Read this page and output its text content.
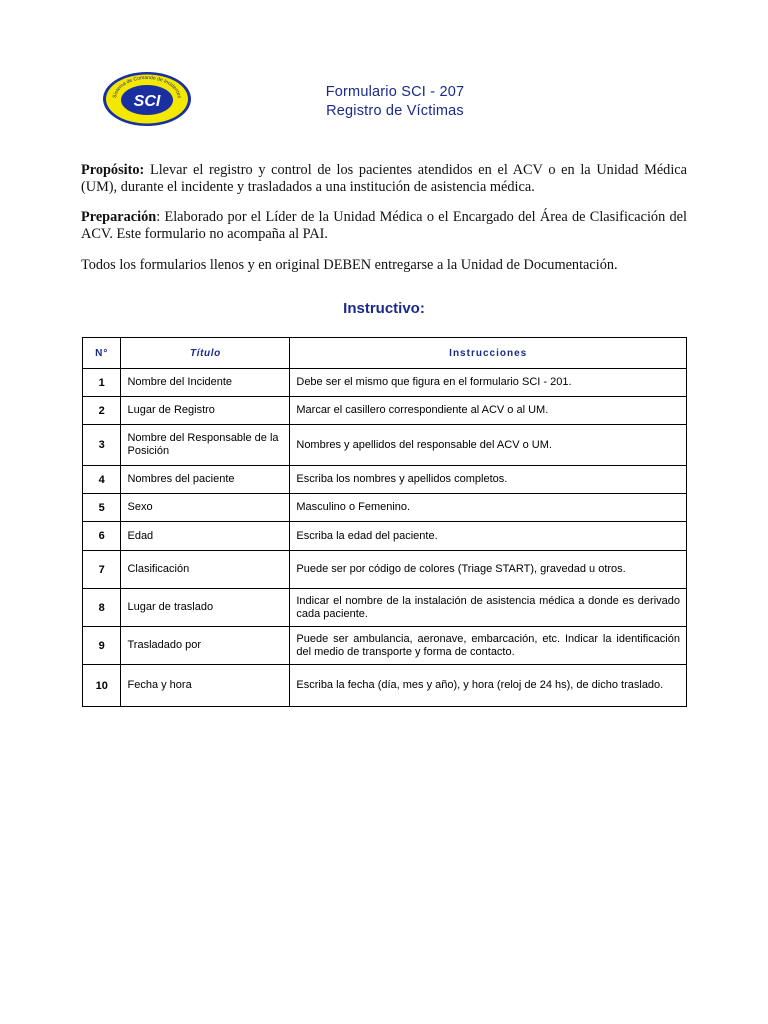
Sistema de Comando de Incidentes
SCI
Formulario SCI - 207
Registro de Víctimas
Propósito: Llevar el registro y control de los pacientes atendidos en el ACV o en la Unidad Médica (UM), durante el incidente y trasladados a una institución de asistencia médica.
Preparación: Elaborado por el Líder de la Unidad Médica o el Encargado del Área de Clasificación del ACV. Este formulario no acompaña al PAI.
Todos los formularios llenos y en original DEBEN entregarse a la Unidad de Documentación.
Instructivo:
N°	Título	Instrucciones
1	Nombre del Incidente	Debe ser el mismo que figura en el formulario SCI - 201.
2	Lugar de Registro	Marcar el casillero correspondiente al ACV o al UM.
3	Nombre del Responsable de la Posición	Nombres y apellidos del responsable del ACV o UM.
4	Nombres del paciente	Escriba los nombres y apellidos completos.
5	Sexo	Masculino o Femenino.
6	Edad	Escriba la edad del paciente.
7	Clasificación	Puede ser por código de colores (Triage START), gravedad u otros.
8	Lugar de traslado	Indicar el nombre de la instalación de asistencia médica a donde es derivado cada paciente.
9	Trasladado por	Puede ser ambulancia, aeronave, embarcación, etc. Indicar la identificación del medio de transporte y forma de contacto.
10	Fecha y hora	Escriba la fecha (día, mes y año), y hora (reloj de 24 hs), de dicho traslado.
